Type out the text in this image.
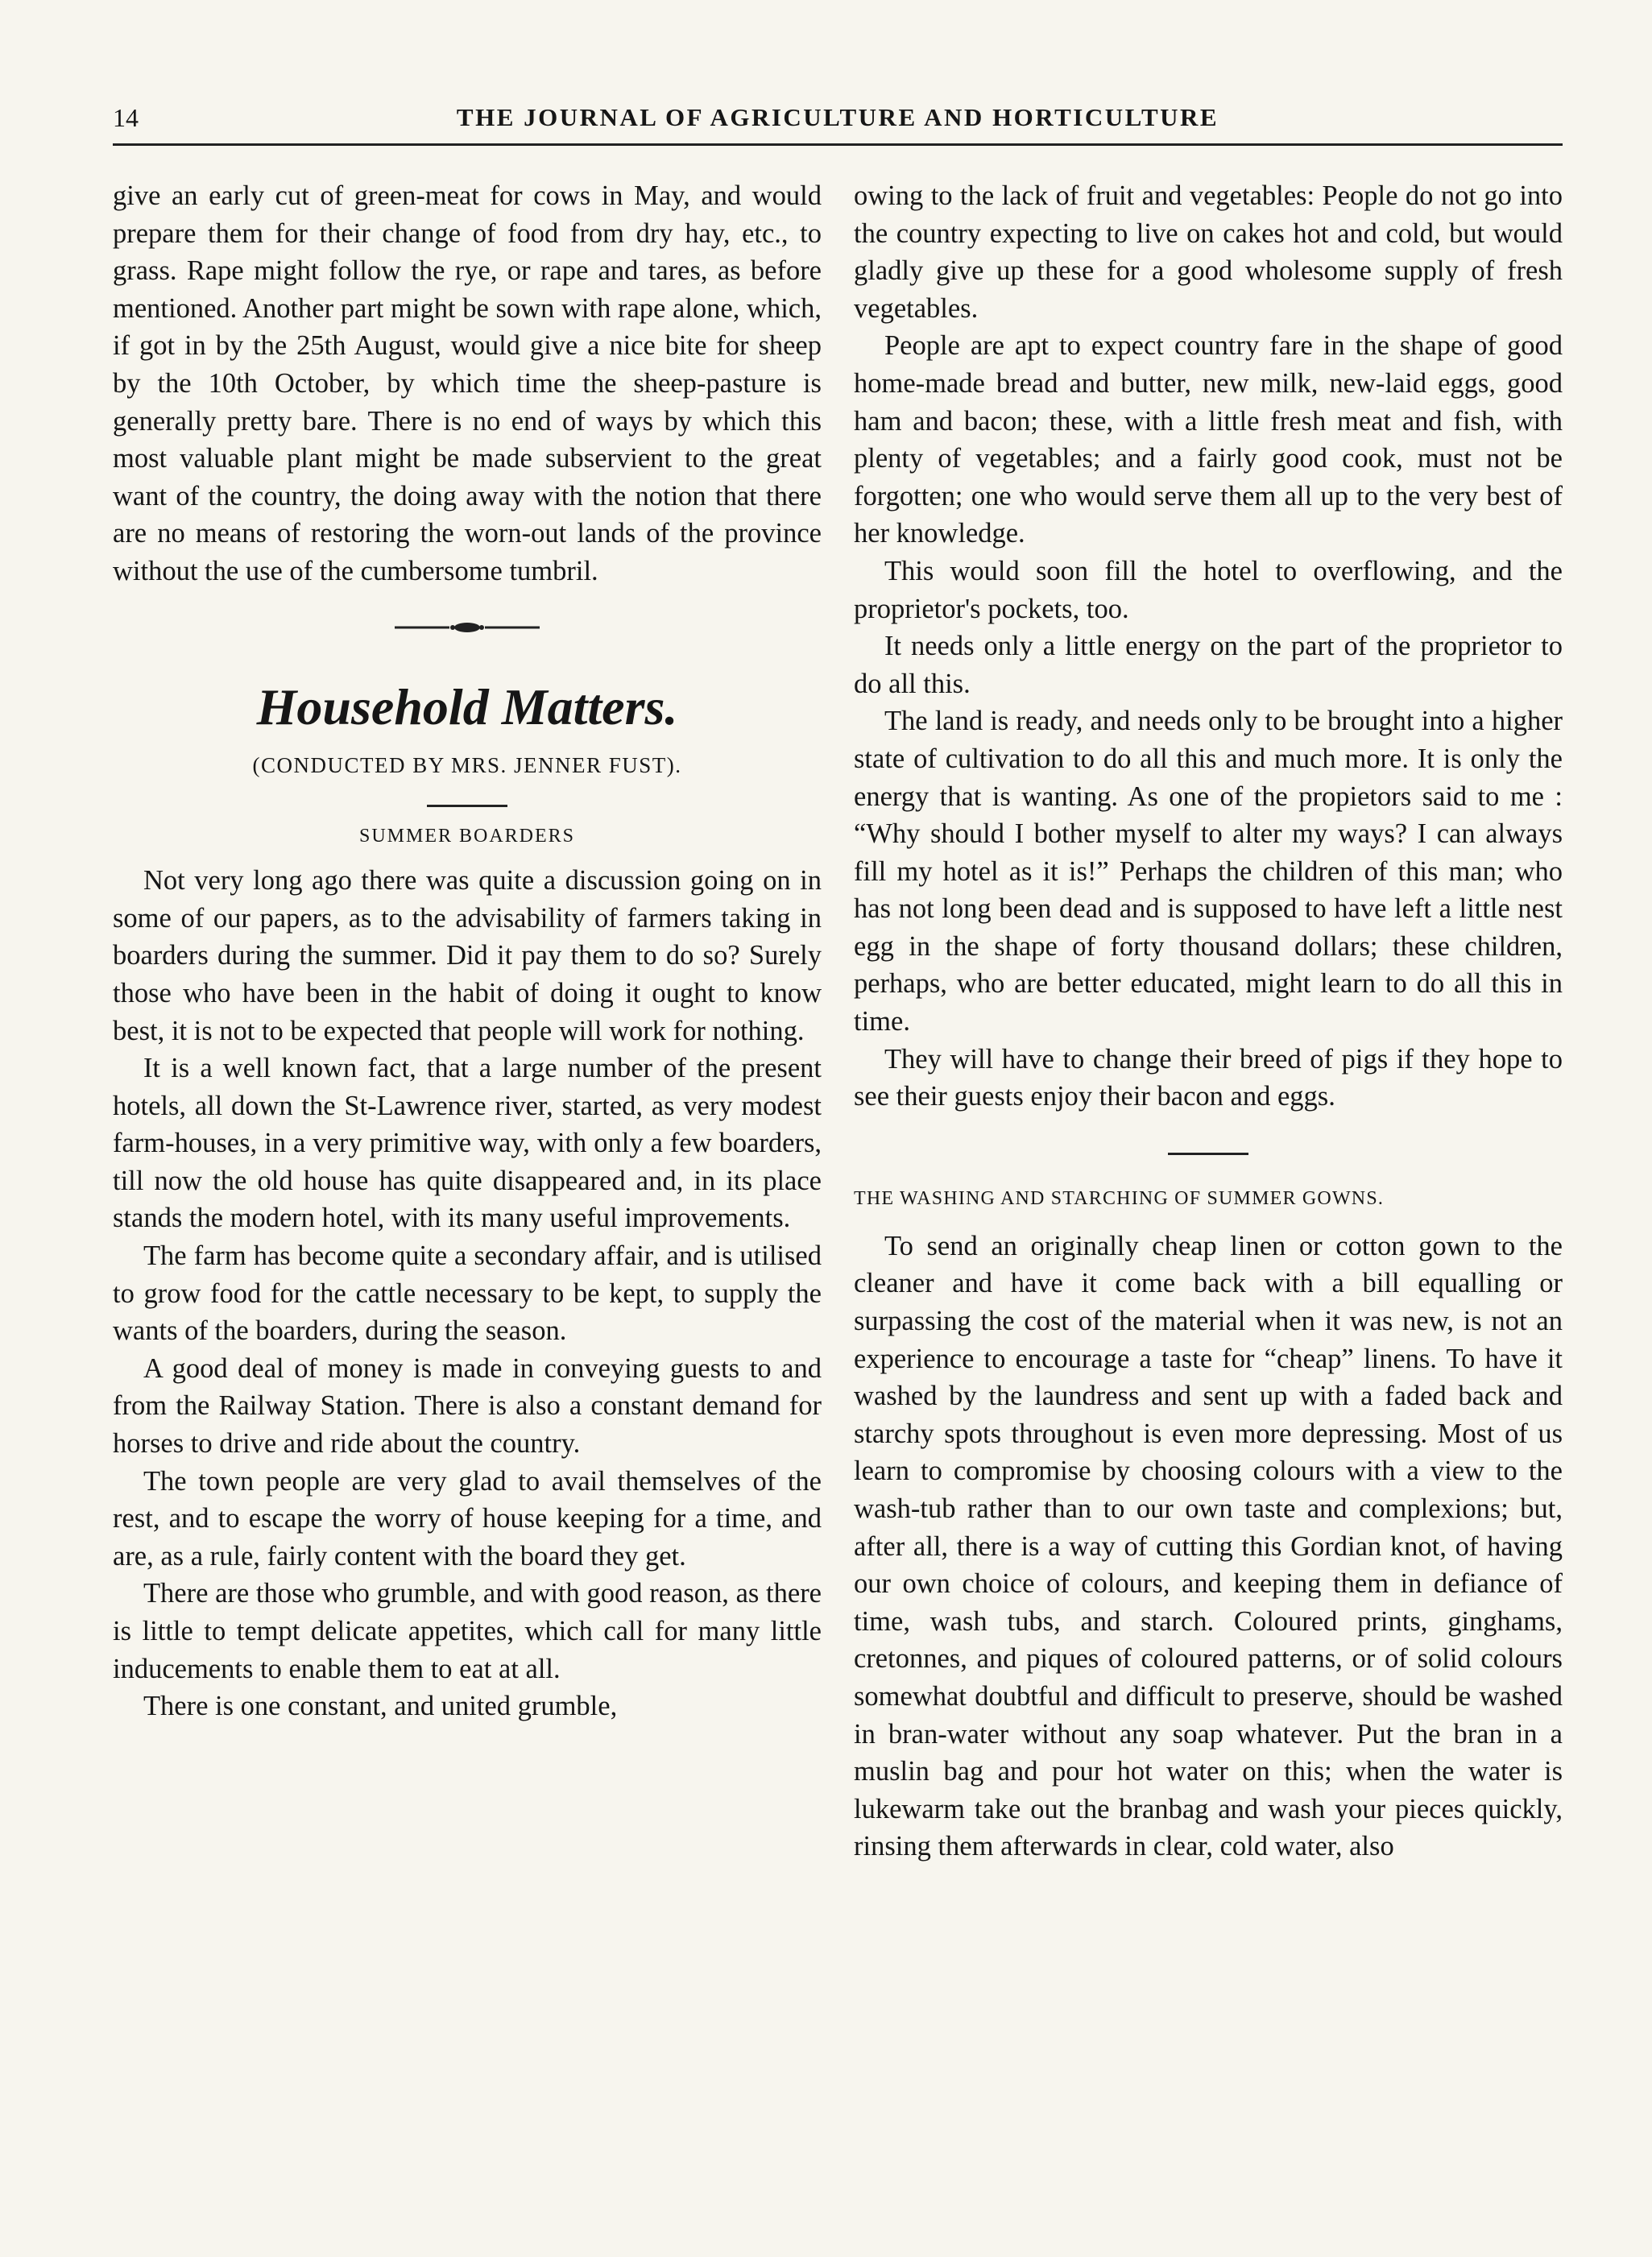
14	THE JOURNAL OF AGRICULTURE AND HORTICULTURE

give an early cut of green-meat for cows in May, and would prepare them for their change of food from dry hay, etc., to grass. Rape might follow the rye, or rape and tares, as before mentioned. Another part might be sown with rape alone, which, if got in by the 25th August, would give a nice bite for sheep by the 10th October, by which time the sheep-pasture is generally pretty bare. There is no end of ways by which this most valuable plant might be made subservient to the great want of the country, the doing away with the notion that there are no means of restoring the worn-out lands of the province without the use of the cumbersome tumbril.

Household Matters.
(CONDUCTED BY MRS. JENNER FUST).
SUMMER BOARDERS

Not very long ago there was quite a discussion going on in some of our papers, as to the advisability of farmers taking in boarders during the summer. Did it pay them to do so? Surely those who have been in the habit of doing it ought to know best, it is not to be expected that people will work for nothing.

It is a well known fact, that a large number of the present hotels, all down the St-Lawrence river, started, as very modest farm-houses, in a very primitive way, with only a few boarders, till now the old house has quite disappeared and, in its place stands the modern hotel, with its many useful improvements.

The farm has become quite a secondary affair, and is utilised to grow food for the cattle necessary to be kept, to supply the wants of the boarders, during the season.

A good deal of money is made in conveying guests to and from the Railway Station. There is also a constant demand for horses to drive and ride about the country.

The town people are very glad to avail themselves of the rest, and to escape the worry of house keeping for a time, and are, as a rule, fairly content with the board they get.

There are those who grumble, and with good reason, as there is little to tempt delicate appetites, which call for many little inducements to enable them to eat at all.

There is one constant, and united grumble,

owing to the lack of fruit and vegetables: People do not go into the country expecting to live on cakes hot and cold, but would gladly give up these for a good wholesome supply of fresh vegetables.

People are apt to expect country fare in the shape of good home-made bread and butter, new milk, new-laid eggs, good ham and bacon; these, with a little fresh meat and fish, with plenty of vegetables; and a fairly good cook, must not be forgotten; one who would serve them all up to the very best of her knowledge.

This would soon fill the hotel to overflowing, and the proprietor's pockets, too.

It needs only a little energy on the part of the proprietor to do all this.

The land is ready, and needs only to be brought into a higher state of cultivation to do all this and much more. It is only the energy that is wanting. As one of the propietors said to me : “Why should I bother myself to alter my ways? I can always fill my hotel as it is!” Perhaps the children of this man; who has not long been dead and is supposed to have left a little nest egg in the shape of forty thousand dollars; these children, perhaps, who are better educated, might learn to do all this in time.

They will have to change their breed of pigs if they hope to see their guests enjoy their bacon and eggs.

THE WASHING AND STARCHING OF SUMMER GOWNS.

To send an originally cheap linen or cotton gown to the cleaner and have it come back with a bill equalling or surpassing the cost of the material when it was new, is not an experience to encourage a taste for “cheap” linens. To have it washed by the laundress and sent up with a faded back and starchy spots throughout is even more depressing. Most of us learn to compromise by choosing colours with a view to the wash-tub rather than to our own taste and complexions; but, after all, there is a way of cutting this Gordian knot, of having our own choice of colours, and keeping them in defiance of time, wash tubs, and starch. Coloured prints, ginghams, cretonnes, and piques of coloured patterns, or of solid colours somewhat doubtful and difficult to preserve, should be washed in bran-water without any soap whatever. Put the bran in a muslin bag and pour hot water on this; when the water is lukewarm take out the branbag and wash your pieces quickly, rinsing them afterwards in clear, cold water, also
